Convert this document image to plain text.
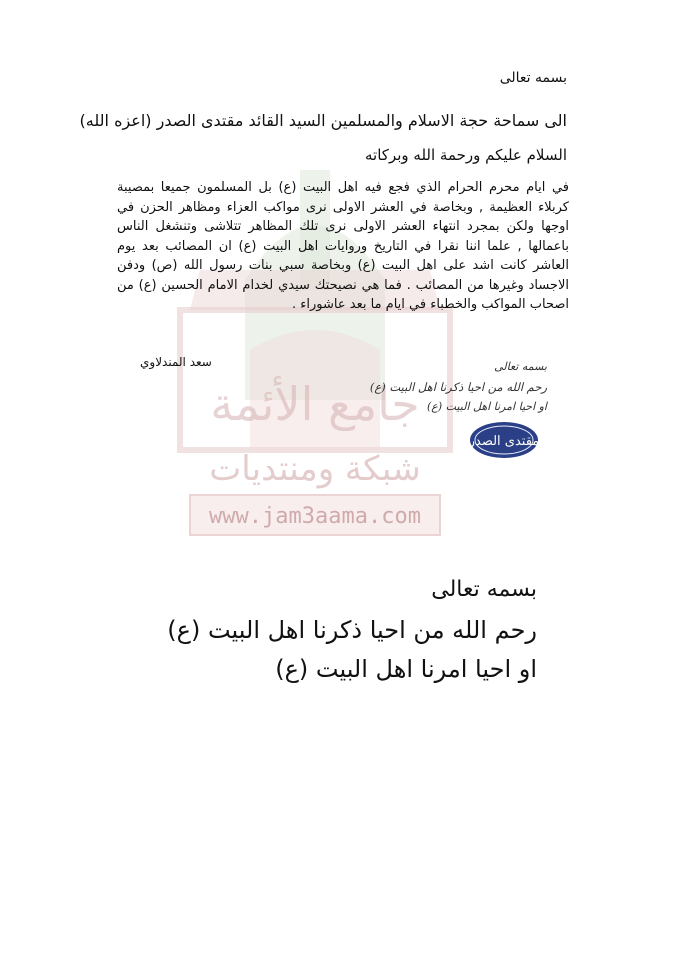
جامع الأئمة
شبكة ومنتديات
www.jam3aama.com
بسمه تعالى
الى سماحة حجة الاسلام والمسلمين السيد القائد مقتدى الصدر (اعزه الله)
السلام عليكم ورحمة الله وبركاته
في ايام محرم الحرام الذي فجع فيه اهل البيت (ع) بل المسلمون جميعا بمصيبة كربلاء العظيمة , وبخاصة في العشر الاولى نرى مواكب العزاء ومظاهر الحزن في اوجها ولكن بمجرد انتهاء العشر الاولى نرى تلك المظاهر تتلاشى وتنشغل الناس باعمالها , علما اننا نقرا في التاريخ وروايات اهل البيت (ع) ان المصائب بعد يوم العاشر كانت اشد على اهل البيت (ع) وبخاصة سبي بنات رسول الله (ص) ودفن الاجساد وغيرها من المصائب . فما هي نصيحتك سيدي لخدام الامام الحسين (ع) من اصحاب المواكب والخطباء في ايام ما بعد عاشوراء .
سعد المندلاوي	بسمه تعالى
رحم الله من احيا ذكرنا اهل البيت (ع)
او احيا امرنا اهل البيت (ع)
مقتدى الصدر
بسمه تعالى
رحم الله من احيا ذكرنا اهل البيت (ع)
او احيا امرنا اهل البيت (ع)
